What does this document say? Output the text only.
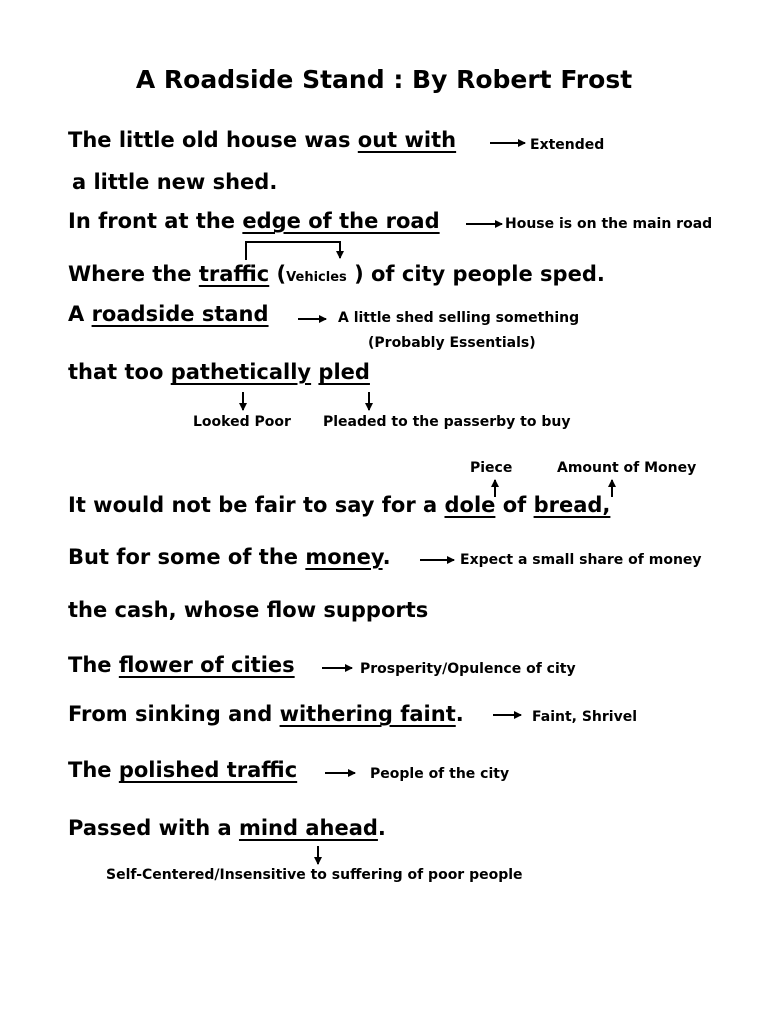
A Roadside Stand : By Robert Frost
The little old house was out with	Extended
a little new shed.
In front at the edge of the road	House is on the main road
Where the traffic (Vehicles ) of city people sped.
A roadside stand	A little shed selling something
(Probably Essentials)
that too pathetically pled
Looked Poor Pleaded to the passerby to buy
Piece	Amount of Money
It would not be fair to say for a dole of bread,
But for some of the money.	Expect a small share of money
the cash, whose flow supports
The flower of cities	Prosperity/Opulence of city
From sinking and withering faint.	Faint, Shrivel
The polished traffic	People of the city
Passed with a mind ahead.
Self-Centered/Insensitive to suffering of poor people
